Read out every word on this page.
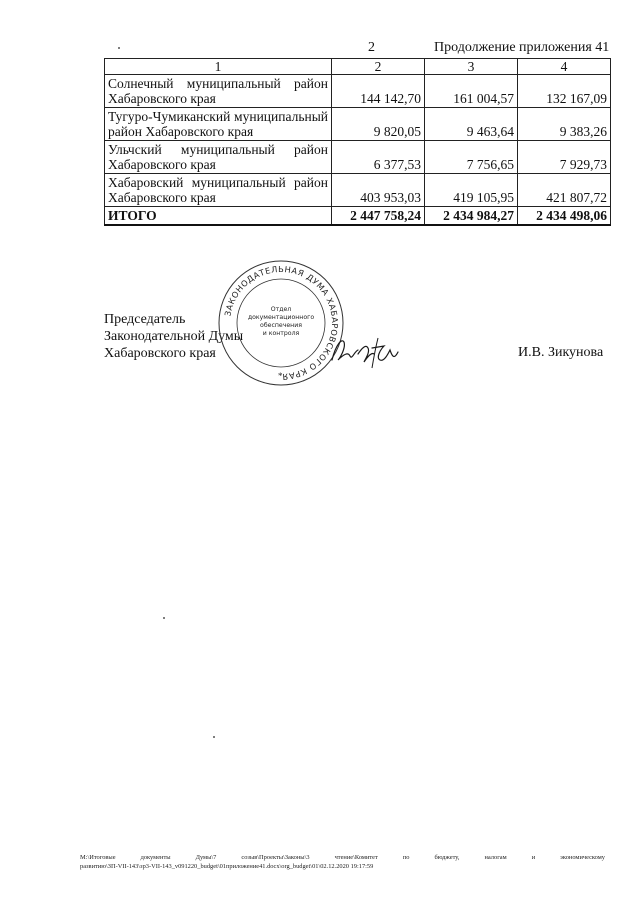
2	Продолжение приложения 41
1	2	3	4
Солнечный муниципальный район Хабаровского края	144 142,70	161 004,57	132 167,09
Тугуро-Чумиканский муниципальный район Хабаровского края	9 820,05	9 463,64	9 383,26
Ульчский муниципальный район Хабаровского края	6 377,53	7 756,65	7 929,73
Хабаровский муниципальный район Хабаровского края	403 953,03	419 105,95	421 807,72
ИТОГО	2 447 758,24	2 434 984,27	2 434 498,06
Председатель
Законодательной Думы
Хабаровского края
ЗАКОНОДАТЕЛЬНАЯ ДУМА ХАБАРОВСКОГО КРАЯ
Отдел
документационного
обеспечения
и контроля
*
И.В. Зикунова
М:\Итоговые документы Думы\7 созыв\Проекты\Законы\3 чтение\Комитет по бюджету, налогам и экономическому
развитию\ЗП-VII-143\зр3-VII-143_v091220_budget\01приложение41.docx\org_budget\01\02.12.2020 19:17:59
